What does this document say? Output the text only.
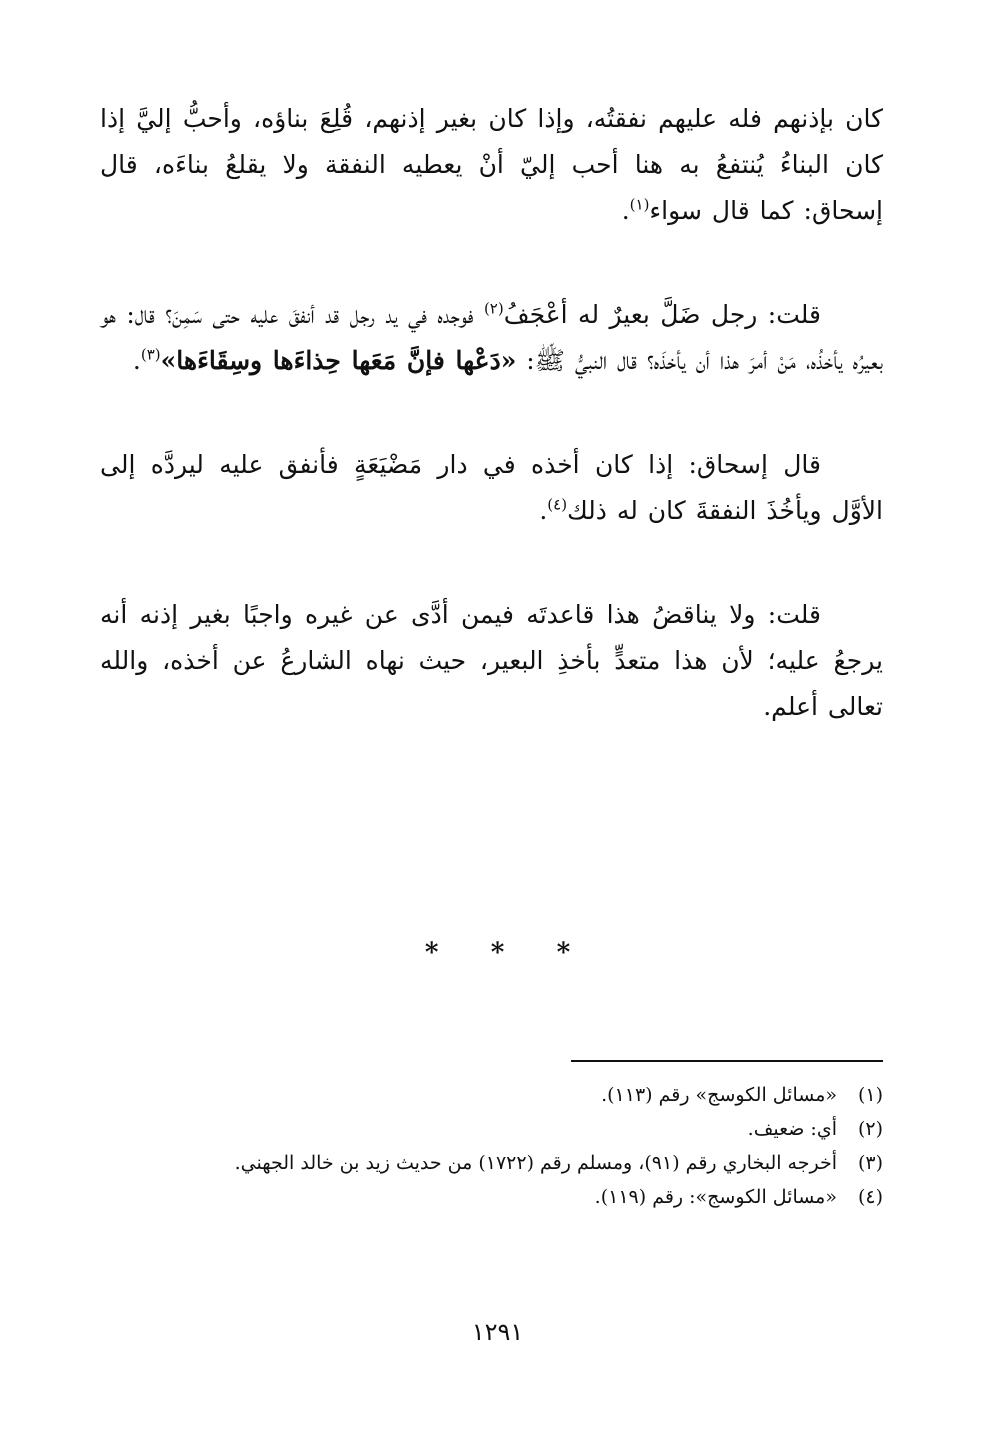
كان بإذنهم فله عليهم نفقتُه، وإذا كان بغير إذنهم، قُلِعَ بناؤه، وأحبُّ إليَّ إذا كان البناءُ يُنتفعُ به هنا أحب إليّ أنْ يعطيه النفقة ولا يقلعُ بناءَه، قال إسحاق: كما قال سواء$^{(١)}$.

قلت: رجل ضَلَّ بعيرٌ له أعْجَفُ$^{(٢)}$ فوجده في يد رجل قد أنفقَ عليه حتى سَمِنَ؟ قال: هو بعيرُه يأخذُه، مَنْ أمرَ هذا أن يأخذَه؟ قال النبيُّ ﷺ: «دَعْها فإنَّ مَعَها حِذاءَها وسِقَاءَها»$^{(٣)}$.

قال إسحاق: إذا كان أخذه في دار مَضْيَعَةٍ فأنفق عليه ليردَّه إلى الأوَّل ويأخُذَ النفقةَ كان له ذلك$^{(٤)}$.

قلت: ولا يناقضُ هذا قاعدتَه فيمن أدَّى عن غيره واجبًا بغير إذنه أنه يرجعُ عليه؛ لأن هذا متعدٍّ بأخذِ البعير، حيث نهاه الشارعُ عن أخذه، والله تعالى أعلم.

* * *
(١)
«مسائل الكوسج» رقم (١١٣).
(٢)
أي: ضعيف.
(٣)
أخرجه البخاري رقم (٩١)، ومسلم رقم (١٧٢٢) من حديث زيد بن خالد الجهني.
(٤)
«مسائل الكوسج»: رقم (١١٩).
١٢٩١
